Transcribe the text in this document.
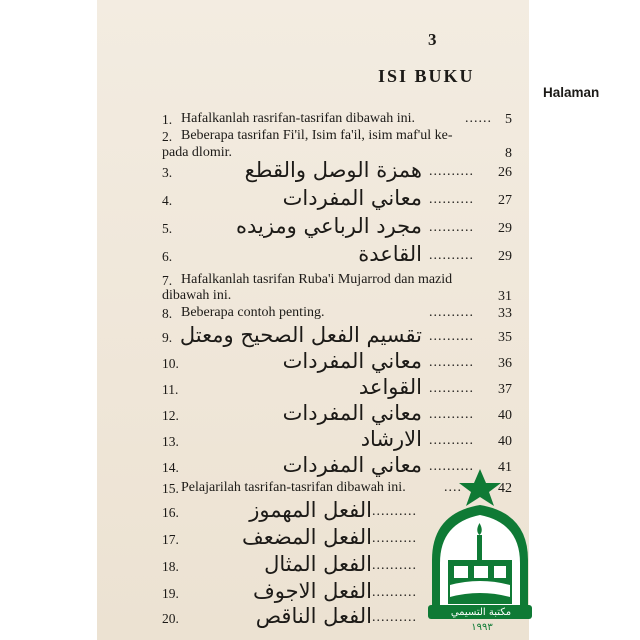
3
ISI BUKU
Halaman
1. Hafalkanlah rasrifan-tasrifan dibawah ini.	...... 5
2. Beberapa tasrifan Fi'il, Isim fa'il, isim maf'ul ke-
pada dlomir.	8
3.	همزة الوصل والقطع .......... 26
4.	معاني المفردات .......... 27
5.	مجرد الرباعي ومزيده .......... 29
6.	القاعدة .......... 29
7. Hafalkanlah tasrifan Ruba'i Mujarrod dan mazid
dibawah ini.	31
8. Beberapa contoh penting.	.......... 33
9. تقسيم الفعل الصحيح ومعتل .......... 35
10.	معاني المفردات .......... 36
11.	القواعد .......... 37
12.	معاني المفردات .......... 40
13.	الارشاد .......... 40
14.	معاني المفردات .......... 41
15. Pelajarilah tasrifan-tasrifan dibawah ini.	....	42
16.	الفعل المهموز ..........
17.	الفعل المضعف ..........
18.	الفعل المثال ..........
19.	الفعل الاجوف ..........
20.	الفعل الناقص ..........	مكتبة التسيمي
١٩٩٣
